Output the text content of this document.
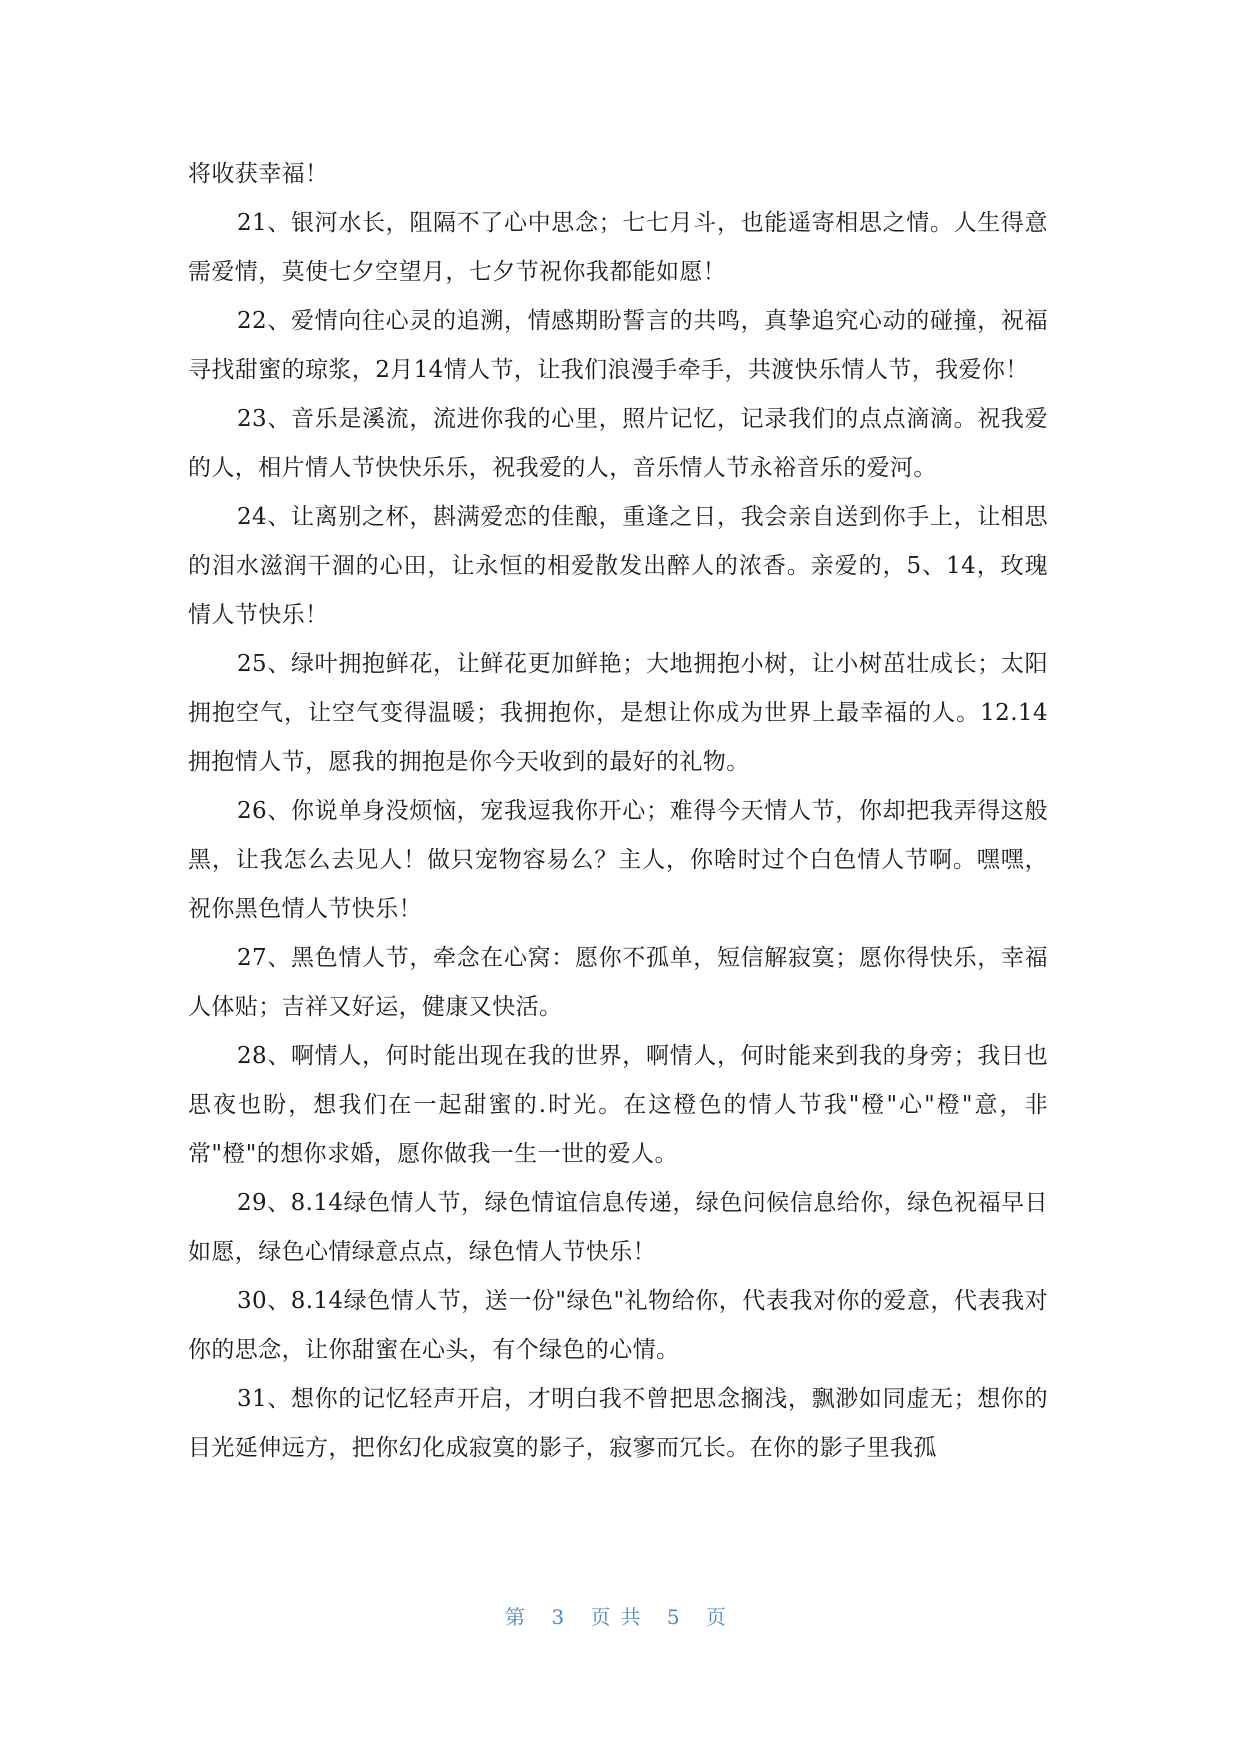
将收获幸福！

21、银河水长，阻隔不了心中思念；七七月斗，也能遥寄相思之情。人生得意需爱情，莫使七夕空望月，七夕节祝你我都能如愿！

22、爱情向往心灵的追溯，情感期盼誓言的共鸣，真挚追究心动的碰撞，祝福寻找甜蜜的琼浆，2月14情人节，让我们浪漫手牵手，共渡快乐情人节，我爱你！

23、音乐是溪流，流进你我的心里，照片记忆，记录我们的点点滴滴。祝我爱的人，相片情人节快快乐乐，祝我爱的人，音乐情人节永裕音乐的爱河。

24、让离别之杯，斟满爱恋的佳酿，重逢之日，我会亲自送到你手上，让相思的泪水滋润干涸的心田，让永恒的相爱散发出醉人的浓香。亲爱的，5、14，玫瑰情人节快乐！

25、绿叶拥抱鲜花，让鲜花更加鲜艳；大地拥抱小树，让小树茁壮成长；太阳拥抱空气，让空气变得温暖；我拥抱你，是想让你成为世界上最幸福的人。12.14拥抱情人节，愿我的拥抱是你今天收到的最好的礼物。

26、你说单身没烦恼，宠我逗我你开心；难得今天情人节，你却把我弄得这般黑，让我怎么去见人！做只宠物容易么？主人，你啥时过个白色情人节啊。嘿嘿，祝你黑色情人节快乐！

27、黑色情人节，牵念在心窝：愿你不孤单，短信解寂寞；愿你得快乐，幸福人体贴；吉祥又好运，健康又快活。

28、啊情人，何时能出现在我的世界，啊情人，何时能来到我的身旁；我日也思夜也盼，想我们在一起甜蜜的.时光。在这橙色的情人节我"橙"心"橙"意，非常"橙"的想你求婚，愿你做我一生一世的爱人。

29、8.14绿色情人节，绿色情谊信息传递，绿色问候信息给你，绿色祝福早日如愿，绿色心情绿意点点，绿色情人节快乐！

30、8.14绿色情人节，送一份"绿色"礼物给你，代表我对你的爱意，代表我对你的思念，让你甜蜜在心头，有个绿色的心情。

31、想你的记忆轻声开启，才明白我不曾把思念搁浅，飘渺如同虚无；想你的目光延伸远方，把你幻化成寂寞的影子，寂寥而冗长。在你的影子里我孤

第 3 页共 5 页
